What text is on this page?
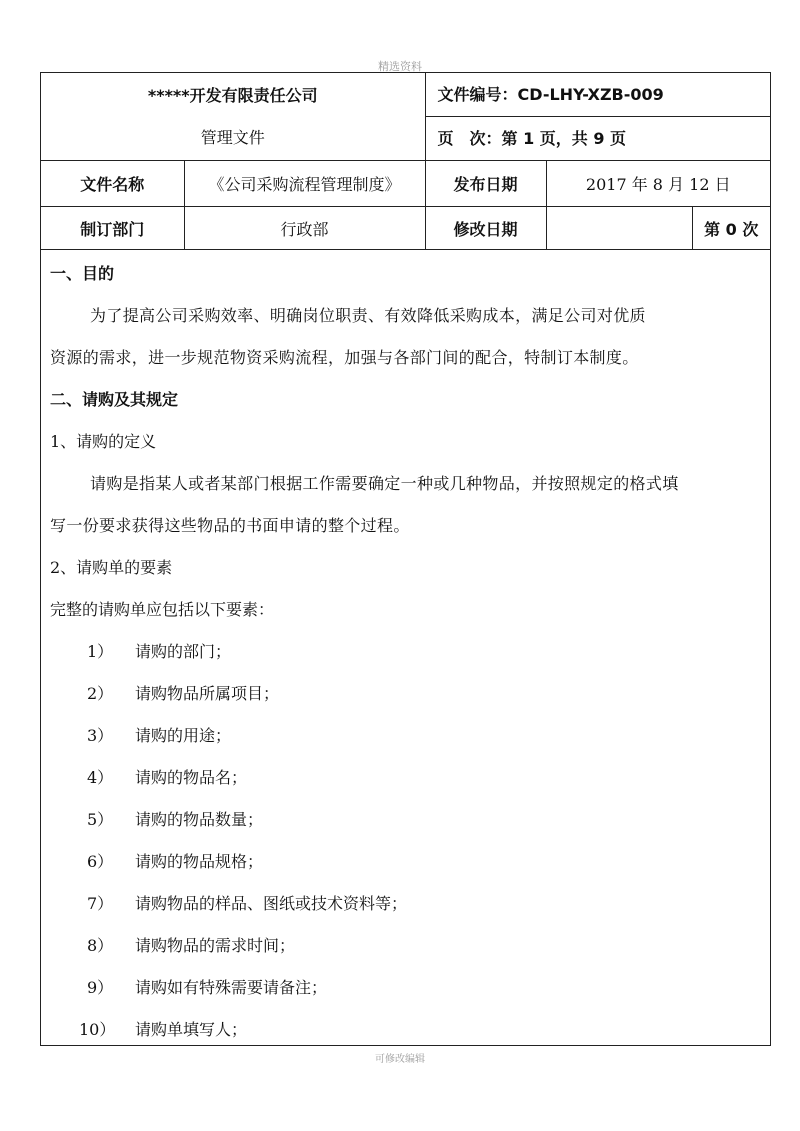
精选资料
*****开发有限责任公司
管理文件		文件编号：CD-LHY-XZB-009		
		页　次：第 1 页，共 9 页		
文件名称	《公司采购流程管理制度》	发布日期	2017 年 8 月 12 日	
制订部门	行政部	修改日期		第 0 次
一、目的
为了提高公司采购效率、明确岗位职责、有效降低采购成本，满足公司对优质
资源的需求，进一步规范物资采购流程，加强与各部门间的配合，特制订本制度。
二、请购及其规定
1、请购的定义
请购是指某人或者某部门根据工作需要确定一种或几种物品，并按照规定的格式填
写一份要求获得这些物品的书面申请的整个过程。
2、请购单的要素
完整的请购单应包括以下要素：
1） 请购的部门；
2） 请购物品所属项目；
3） 请购的用途；
4） 请购的物品名；
5） 请购的物品数量；
6） 请购的物品规格；
7） 请购物品的样品、图纸或技术资料等；
8） 请购物品的需求时间；
9） 请购如有特殊需要请备注；
10） 请购单填写人；
可修改编辑
